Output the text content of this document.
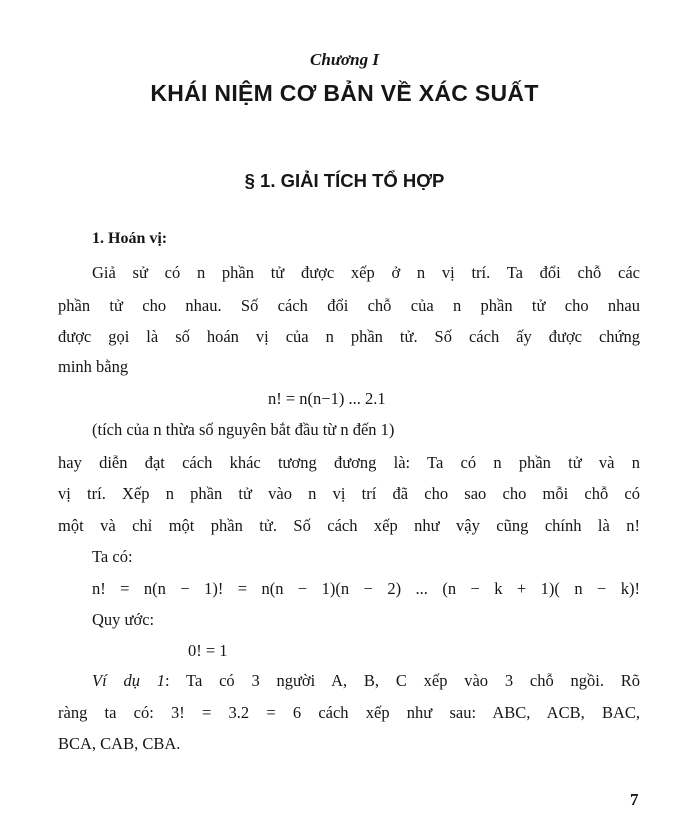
Chương I
KHÁI NIỆM CƠ BẢN VỀ XÁC SUẤT
§ 1. GIẢI TÍCH TỔ HỢP
1. Hoán vị:
Giả sử có n phần tử được xếp ở n vị trí. Ta đổi chỗ các
phần tử cho nhau. Số cách đổi chỗ của n phần tử cho nhau
được gọi là số hoán vị của n phần tử. Số cách ấy được chứng
minh bằng
n! = n(n−1) ... 2.1
(tích của n thừa số nguyên bắt đầu từ n đến 1)
hay diễn đạt cách khác tương đương là: Ta có n phần tử và n
vị trí. Xếp n phần tử vào n vị trí đã cho sao cho mỗi chỗ có
một và chỉ một phần tử. Số cách xếp như vậy cũng chính là n!
Ta có:
n! = n(n − 1)! = n(n − 1)(n − 2) ... (n − k + 1)( n − k)!
Quy ước:
0! = 1
Ví dụ 1: Ta có 3 người A, B, C xếp vào 3 chỗ ngồi. Rõ
ràng ta có: 3! = 3.2 = 6 cách xếp như sau: ABC, ACB, BAC,
BCA, CAB, CBA.
7
